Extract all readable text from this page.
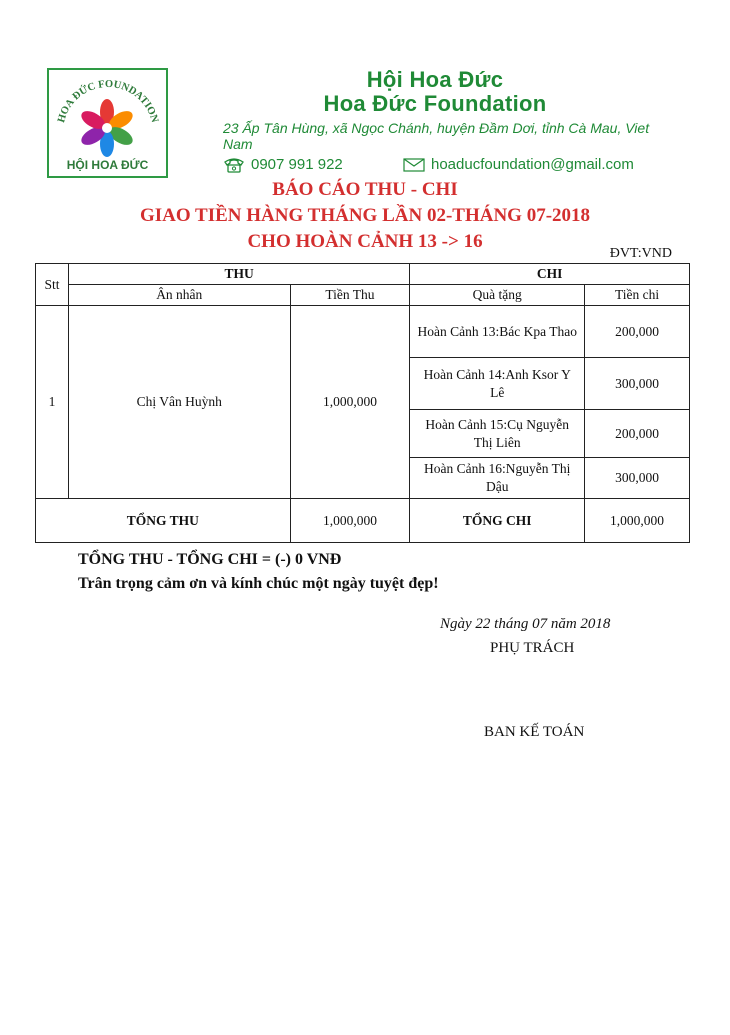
HOA ĐỨC FOUNDATION
HỘI HOA ĐỨC
Hội Hoa Đức
Hoa Đức Foundation
23 Ấp Tân Hùng, xã Ngọc Chánh, huyện Đầm Dơi, tỉnh Cà Mau, Viet Nam
0907 991 922	hoaducfoundation@gmail.com
BÁO CÁO THU - CHI
GIAO TIỀN HÀNG THÁNG LẦN 02-THÁNG 07-2018
CHO HOÀN CẢNH 13 -> 16
ĐVT:VND
Stt	THU		CHI	
	Ân nhân	Tiền Thu	Quà tặng	Tiền chi
1	Chị Vân Huỳnh	1,000,000	Hoàn Cảnh 13:Bác Kpa Thao	200,000
			Hoàn Cảnh 14:Anh Ksor Y Lê	300,000
			Hoàn Cảnh 15:Cụ Nguyễn Thị Liên	200,000
			Hoàn Cảnh 16:Nguyễn Thị Dậu	300,000
TỔNG THU		1,000,000	TỔNG CHI	1,000,000
TỔNG THU - TỔNG CHI = (-) 0 VNĐ
Trân trọng cảm ơn và kính chúc một ngày tuyệt đẹp!
Ngày 22 tháng 07 năm 2018
PHỤ TRÁCH
BAN KẾ TOÁN
